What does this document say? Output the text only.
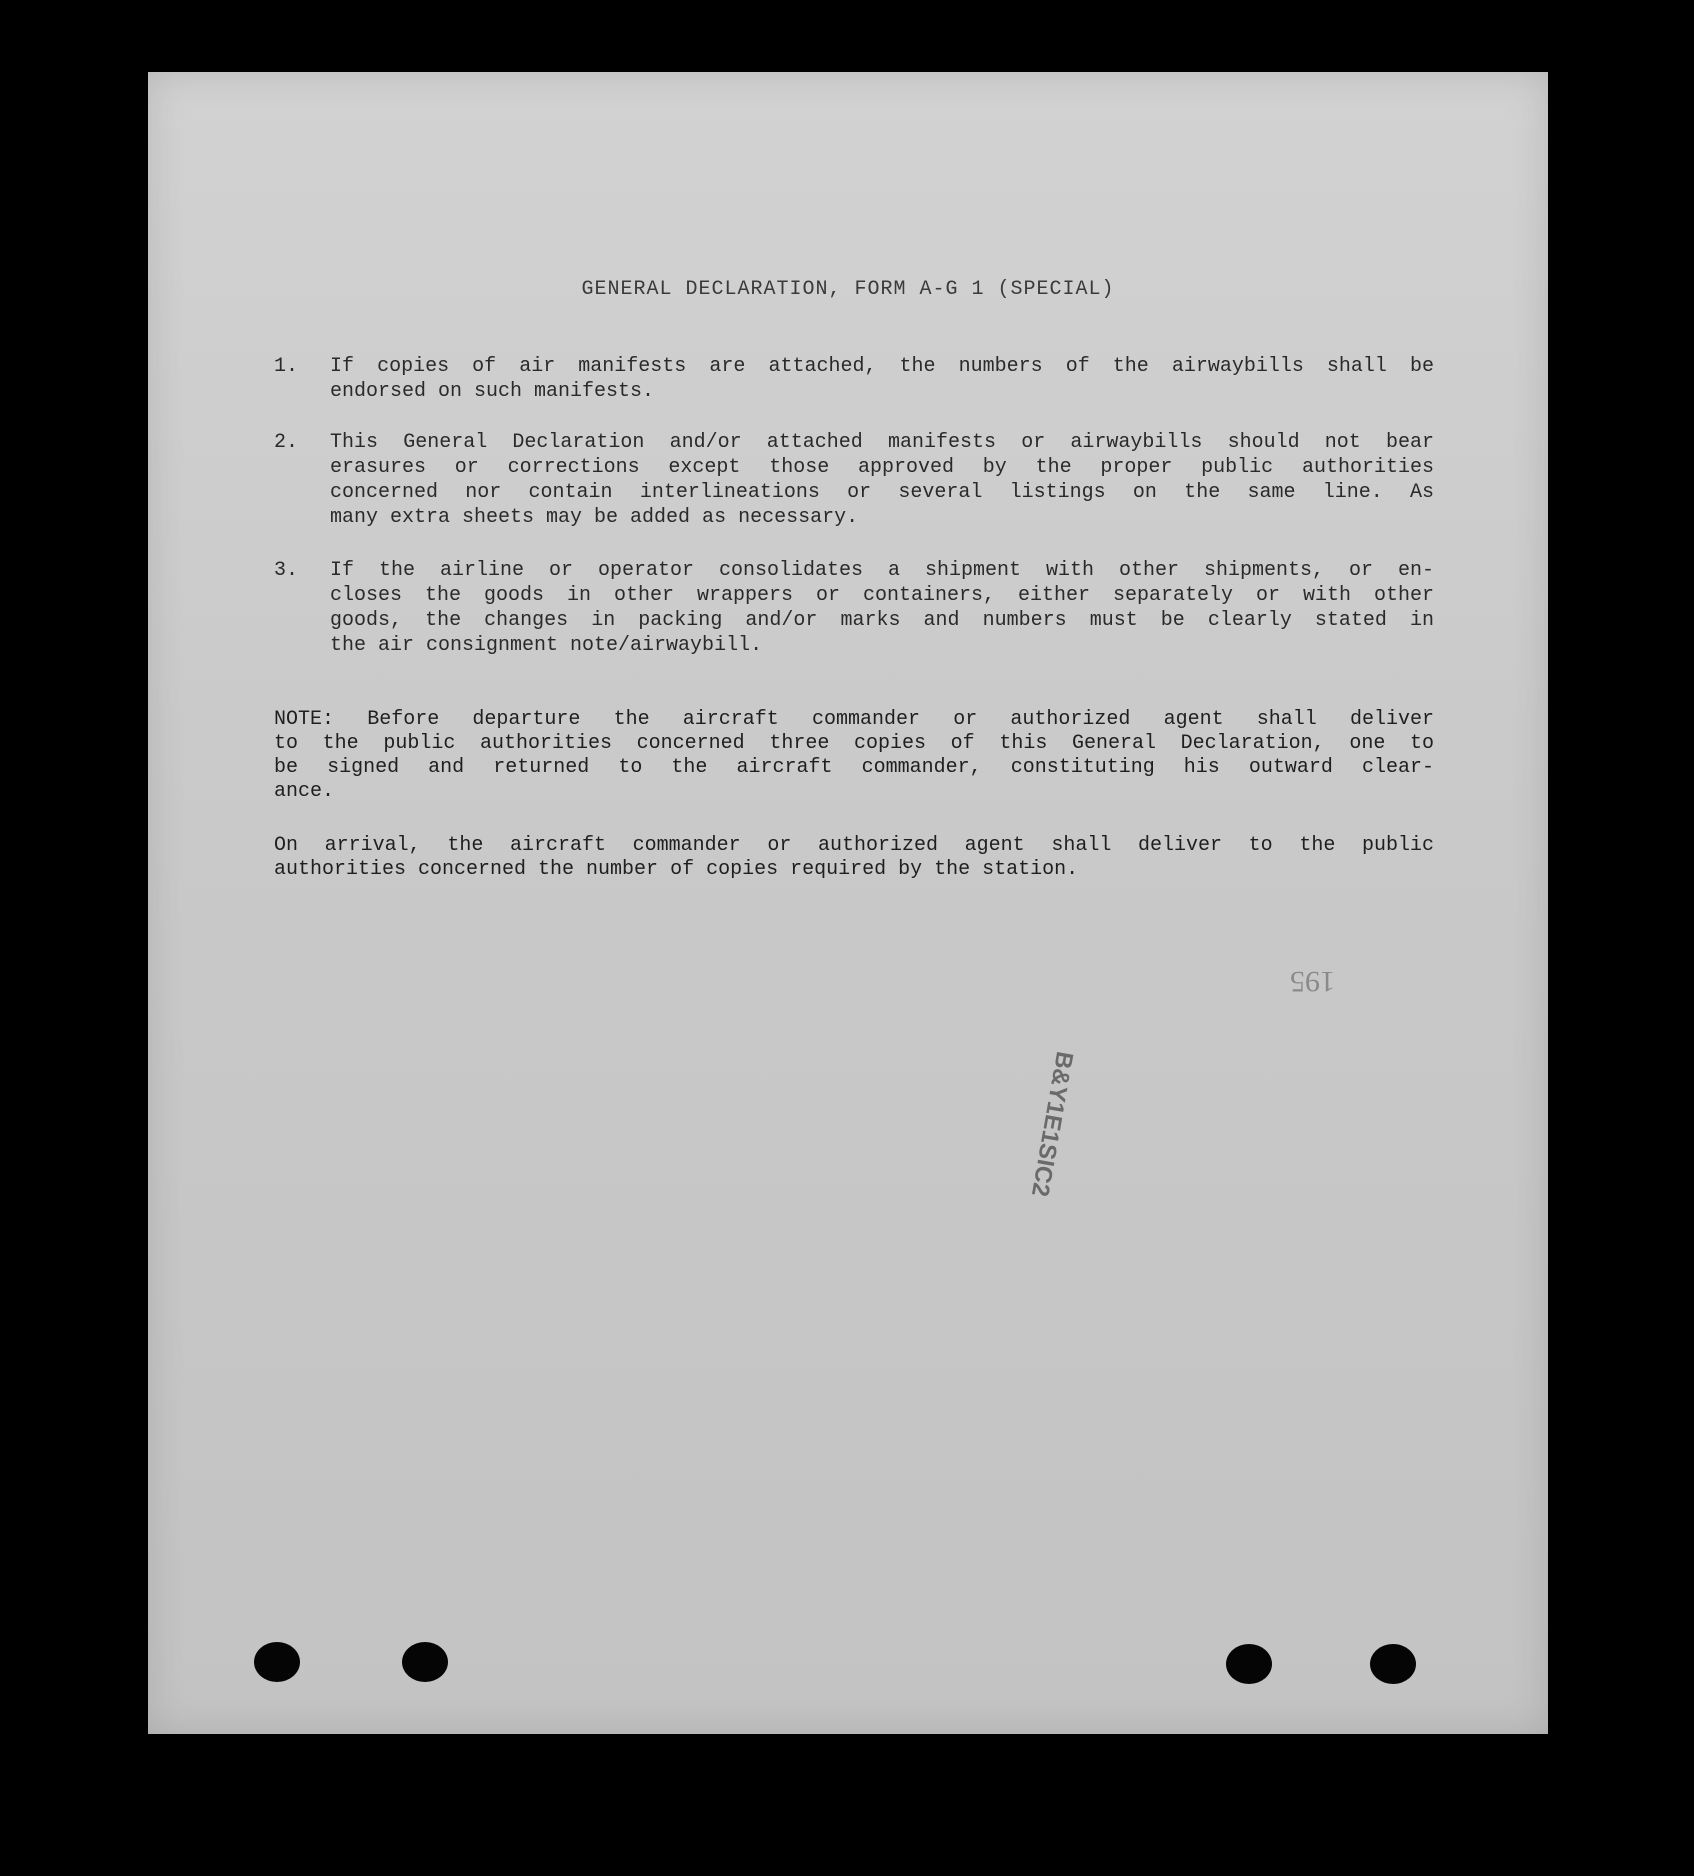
GENERAL DECLARATION, FORM A-G 1 (SPECIAL)
1.	If copies of air manifests are attached, the numbers of the airwaybills shall be
endorsed on such manifests.
2.	This General Declaration and/or attached manifests or airwaybills should not bear
erasures or corrections except those approved by the proper public authorities
concerned nor contain interlineations or several listings on the same line. As
many extra sheets may be added as necessary.
3.	If the airline or operator consolidates a shipment with other shipments, or en-
closes the goods in other wrappers or containers, either separately or with other
goods, the changes in packing and/or marks and numbers must be clearly stated in
the air consignment note/airwaybill.
NOTE: Before departure the aircraft commander or authorized agent shall deliver
to the public authorities concerned three copies of this General Declaration, one to
be signed and returned to the aircraft commander, constituting his outward clear-
ance.
On arrival, the aircraft commander or authorized agent shall deliver to the public
authorities concerned the number of copies required by the station.
195
B&Y1E1SIC2
